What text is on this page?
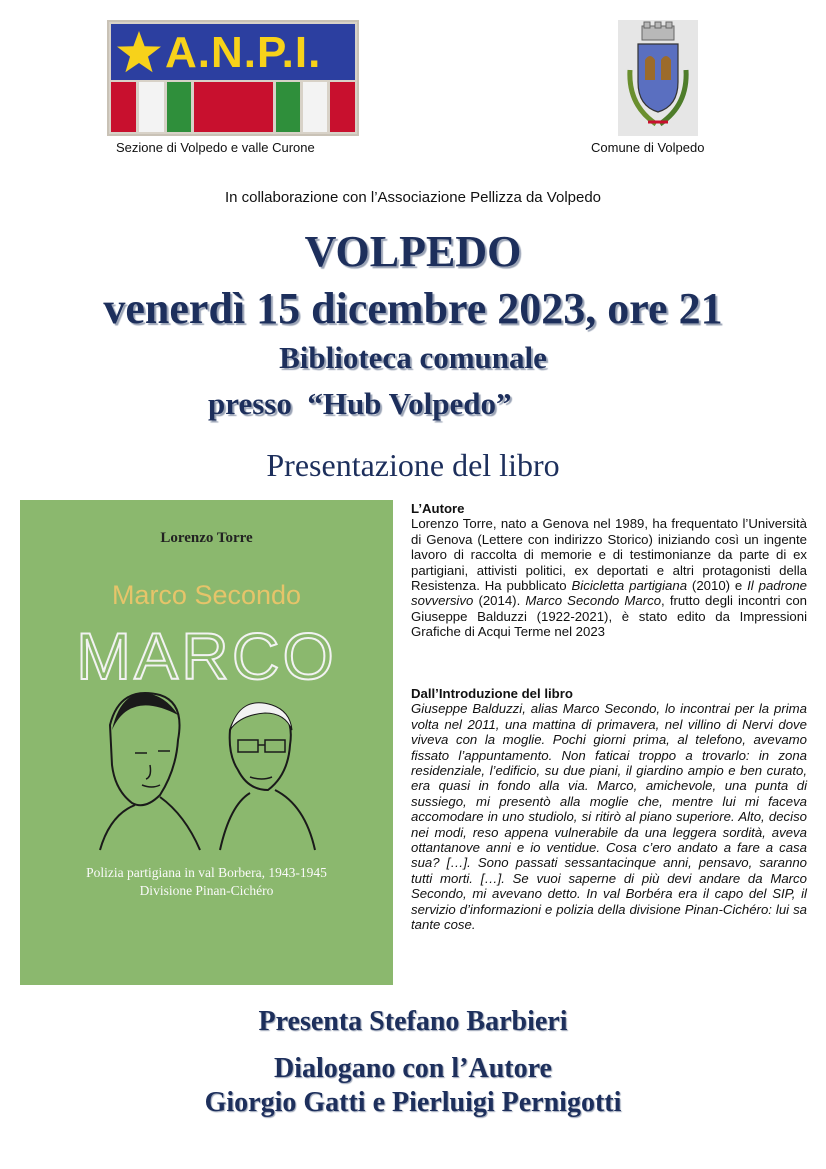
A.N.P.I.
Sezione di Volpedo e valle Curone	Comune di Volpedo
In collaborazione con l’Associazione Pellizza da Volpedo
VOLPEDO
venerdì 15 dicembre 2023, ore 21
Biblioteca comunale
presso  “Hub Volpedo”
Presentazione del libro
Lorenzo Torre
Marco Secondo
MARCO
Polizia partigiana in val Borbera, 1943-1945
Divisione Pinan-Cichéro

L’Autore

Lorenzo Torre, nato a Genova nel 1989, ha frequentato l’Università di Genova (Lettere con indirizzo Storico) iniziando così un ingente lavoro di raccolta di memorie e di testimonianze da parte di ex partigiani, attivisti politici, ex deportati e altri protagonisti della Resistenza. Ha pubblicato Bicicletta partigiana (2010) e Il padrone sovversivo (2014). Marco Secondo Marco, frutto degli incontri con Giuseppe Balduzzi (1922-2021), è stato edito da Impressioni Grafiche di Acqui Terme nel 2023

Dall’Introduzione del libro

Giuseppe Balduzzi, alias Marco Secondo, lo incontrai per la prima volta nel 2011, una mattina di primavera, nel villino di Nervi dove viveva con la moglie. Pochi giorni prima, al telefono, avevamo fissato l’appuntamento. Non faticai troppo a trovarlo: in zona residenziale, l’edificio, su due piani, il giardino ampio e ben curato, era quasi in fondo alla via. Marco, amichevole, una punta di sussiego, mi presentò alla moglie che, mentre lui mi faceva accomodare in uno studiolo, si ritirò al piano superiore. Alto, deciso nei modi, reso appena vulnerabile da una leggera sordità, aveva ottantanove anni e io ventidue. Cosa c’ero andato a fare a casa sua? […]. Sono passati sessantacinque anni, pensavo, saranno tutti morti. […]. Se vuoi saperne di più devi andare da Marco Secondo, mi avevano detto. In val Borbéra era il capo del SIP, il servizio d’informazioni e polizia della divisione Pinan-Cichéro: lui sa tante cose.

Presenta Stefano Barbieri
Dialogano con l’Autore
Giorgio Gatti e Pierluigi Pernigotti
